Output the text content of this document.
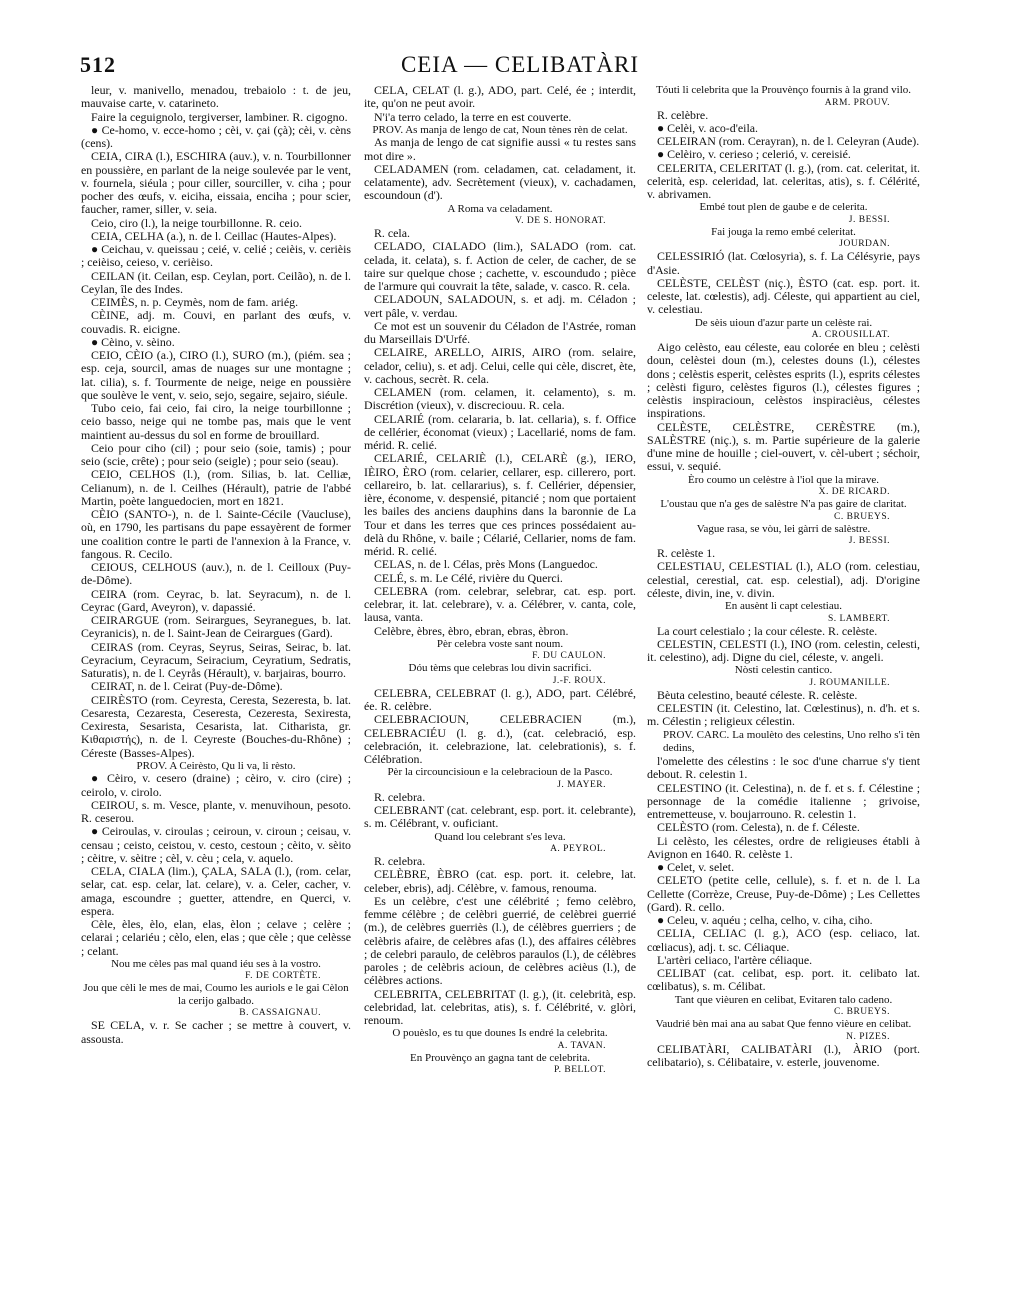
512	CEIA — CELIBATÀRI

leur, v. manivello, menadou, trebaiolo : t. de jeu, mauvaise carte, v. catarineto.

Faire la ceguignolo, tergiverser, lambiner. R. cigogno.

● Ce-homo, v. ecce-homo ; cèi, v. çai (çà); cèi, v. cèns (cens).

CEIA, CIRA (l.), ESCHIRA (auv.), v. n. Tourbillonner en poussière, en parlant de la neige soulevée par le vent, v. fournela, siéula ; pour ciller, sourciller, v. ciha ; pour pocher des œufs, v. eiciha, eissaia, enciha ; pour scier, faucher, ramer, siller, v. seia.

Ceio, ciro (l.), la neige tourbillonne. R. ceio.

CEIA, CELHA (a.), n. de l. Ceillac (Hautes-Alpes).

● Ceichau, v. queissau ; ceié, v. celié ; ceièis, v. cerièis ; ceièiso, ceieso, v. cerièiso.

CEILAN (it. Ceilan, esp. Ceylan, port. Ceilão), n. de l. Ceylan, île des Indes.

CEIMÈS, n. p. Ceymès, nom de fam. ariég.

CÈINE, adj. m. Couvi, en parlant des œufs, v. couvadis. R. eicigne.

● Cèino, v. sèino.

CEIO, CÈIO (a.), CIRO (l.), SURO (m.), (piém. sea ; esp. ceja, sourcil, amas de nuages sur une montagne ; lat. cilia), s. f. Tourmente de neige, neige en poussière que soulève le vent, v. seio, sejo, segaire, sejairo, siéule.

Tubo ceio, fai ceio, fai ciro, la neige tourbillonne ; ceio basso, neige qui ne tombe pas, mais que le vent maintient au-dessus du sol en forme de brouillard.

Ceio pour ciho (cil) ; pour seio (soie, tamis) ; pour seio (scie, crête) ; pour seio (seigle) ; pour seio (seau).

CEIO, CELHOS (l.), (rom. Silias, b. lat. Celliæ, Celianum), n. de l. Ceilhes (Hérault), patrie de l'abbé Martin, poète languedocien, mort en 1821.

CÈIO (SANTO-), n. de l. Sainte-Cécile (Vaucluse), où, en 1790, les partisans du pape essayèrent de former une coalition contre le parti de l'annexion à la France, v. fangous. R. Cecilo.

CEIOUS, CELHOUS (auv.), n. de l. Ceilloux (Puy-de-Dôme).

CEIRA (rom. Ceyrac, b. lat. Seyracum), n. de l. Ceyrac (Gard, Aveyron), v. dapassié.

CEIRARGUE (rom. Seirargues, Seyranegues, b. lat. Ceyranicis), n. de l. Saint-Jean de Ceirargues (Gard).

CEIRAS (rom. Ceyras, Seyrus, Seiras, Seirac, b. lat. Ceyracium, Ceyracum, Seiracium, Ceyratium, Sedratis, Saturatis), n. de l. Ceyrås (Hérault), v. barjairas, bourro.

CEIRAT, n. de l. Ceirat (Puy-de-Dôme).

CEIRÈSTO (rom. Ceyresta, Ceresta, Sezeresta, b. lat. Cesaresta, Cezaresta, Ceseresta, Cezeresta, Sexiresta, Cexiresta, Sesarista, Cesarista, lat. Citharista, gr. Κιθαριστής), n. de l. Ceyreste (Bouches-du-Rhône) ; Céreste (Basses-Alpes).

PROV. A Ceirèsto, Qu li va, li rèsto.

● Cèiro, v. cesero (draine) ; cèiro, v. ciro (cire) ; ceirolo, v. cirolo.

CEIROU, s. m. Vesce, plante, v. menuvihoun, pesoto. R. ceserou.

● Ceiroulas, v. ciroulas ; ceiroun, v. ciroun ; ceisau, v. censau ; ceisto, ceistou, v. cesto, cestoun ; cèito, v. sèito ; cèitre, v. sèitre ; cèl, v. cèu ; cela, v. aquelo.

CELA, CIALA (lim.), ÇALA, SALA (l.), (rom. celar, selar, cat. esp. celar, lat. celare), v. a. Celer, cacher, v. amaga, escoundre ; guetter, attendre, en Querci, v. espera.

Cèle, èles, èlo, elan, elas, èlon ; celave ; celère ; celarai ; celariéu ; cèlo, elen, elas ; que cèle ; que celèsse ; celant.

Nou me cèles pas mal quand iéu ses à la vostro.

F. DE CORTÈTE.

Jou que cèli le mes de mai, Coumo les auriols e le gai Cèlon la cerijo galbado.

B. CASSAIGNAU.

SE CELA, v. r. Se cacher ; se mettre à couvert, v. assousta.

CELA, CELAT (l. g.), ADO, part. Celé, ée ; interdit, ite, qu'on ne peut avoir.

N'i'a terro celado, la terre en est couverte.

PROV. As manja de lengo de cat, Noun tènes rèn de celat.

As manja de lengo de cat signifie aussi « tu restes sans mot dire ».

CELADAMEN (rom. celadamen, cat. celadament, it. celatamente), adv. Secrètement (vieux), v. cachadamen, escoundoun (d').

A Roma va celadament.

V. DE S. HONORAT.

R. cela.

CELADO, CIALADO (lim.), SALADO (rom. cat. celada, it. celata), s. f. Action de celer, de cacher, de se taire sur quelque chose ; cachette, v. escoundudo ; pièce de l'armure qui couvrait la tête, salade, v. casco. R. cela.

CELADOUN, SALADOUN, s. et adj. m. Céladon ; vert pâle, v. verdau.

Ce mot est un souvenir du Céladon de l'Astrée, roman du Marseillais D'Urfé.

CELAIRE, ARELLO, AIRIS, AIRO (rom. selaire, celador, celiu), s. et adj. Celui, celle qui cèle, discret, ète, v. cachous, secrèt. R. cela.

CELAMEN (rom. celamen, it. celamento), s. m. Discrétion (vieux), v. discreciouu. R. cela.

CELARIÉ (rom. celararia, b. lat. cellaria), s. f. Office de cellérier, économat (vieux) ; Lacellarié, noms de fam. mérid. R. celié.

CELARIÉ, CELARIÈ (l.), CELARÈ (g.), IERO, IÈIRO, ÈRO (rom. celarier, cellarer, esp. cillerero, port. cellareiro, b. lat. cellararius), s. f. Cellérier, dépensier, ière, économe, v. despensié, pitancié ; nom que portaient les bailes des anciens dauphins dans la baronnie de La Tour et dans les terres que ces princes possédaient au-delà du Rhône, v. baile ; Célarié, Cellarier, noms de fam. mérid. R. celié.

CELAS, n. de l. Célas, près Mons (Languedoc.

CELÉ, s. m. Le Célé, rivière du Querci.

CELEBRA (rom. celebrar, selebrar, cat. esp. port. celebrar, it. lat. celebrare), v. a. Célébrer, v. canta, cole, lausa, vanta.

Celèbre, èbres, èbro, ebran, ebras, èbron.

Pèr celebra voste sant noum.

F. DU CAULON.

Dóu tèms que celebras lou divin sacrifici.

J.-F. ROUX.

CELEBRA, CELEBRAT (l. g.), ADO, part. Célébré, ée. R. celèbre.

CELEBRACIOUN, CELEBRACIEN (m.), CELEBRACIÉU (l. g. d.), (cat. celebració, esp. celebración, it. celebrazione, lat. celebrationis), s. f. Célébration.

Pèr la circouncisioun e la celebracioun de la Pasco.

J. MAYER.

R. celebra.

CELEBRANT (cat. celebrant, esp. port. it. celebrante), s. m. Célébrant, v. ouficiant.

Quand lou celebrant s'es leva.

A. PEYROL.

R. celebra.

CELÈBRE, ÈBRO (cat. esp. port. it. celebre, lat. celeber, ebris), adj. Célèbre, v. famous, renouma.

Es un celèbre, c'est une célébrité ; femo celèbro, femme célèbre ; de celèbri guerrié, de celèbrei guerrié (m.), de celèbres guerriès (l.), de célèbres guerriers ; de celèbris afaire, de celèbres afas (l.), des affaires célèbres ; de celebri paraulo, de celèbros paraulos (l.), de célèbres paroles ; de celèbris acioun, de celèbres acièus (l.), de célèbres actions.

CELEBRITA, CELEBRITAT (l. g.), (it. celebrità, esp. celebridad, lat. celebritas, atis), s. f. Célébrité, v. glòri, renoum.

O pouèslo, es tu que dounes Is endré la celebrita.

A. TAVAN.

En Prouvènço an gagna tant de celebrita.

P. BELLOT.

Tóuti li celebrita que la Prouvènço fournis à la grand vilo.

ARM. PROUV.

R. celèbre.

● Celèi, v. aco-d'eila.

CELEIRAN (rom. Cerayran), n. de l. Celeyran (Aude).

● Celèiro, v. cerieso ; celerió, v. cereisié.

CELERITA, CELERITAT (l. g.), (rom. cat. celeritat, it. celerità, esp. celeridad, lat. celeritas, atis), s. f. Célérité, v. abrivamen.

Embé tout plen de gaube e de celerita.

J. BESSI.

Fai jouga la remo embé celeritat.

JOURDAN.

CELESSIRIÓ (lat. Cœlosyria), s. f. La Célésyrie, pays d'Asie.

CELÈSTE, CELÈST (niç.), ÈSTO (cat. esp. port. it. celeste, lat. cœlestis), adj. Céleste, qui appartient au ciel, v. celestiau.

De sèis uioun d'azur parte un celèste rai.

A. CROUSILLAT.

Aigo celèsto, eau céleste, eau colorée en bleu ; celèsti doun, celèstei doun (m.), celestes douns (l.), célestes dons ; celèstis esperit, celèstes esprits (l.), esprits célestes ; celèsti figuro, celèstes figuros (l.), célestes figures ; celèstis inspiracioun, celèstos inspiracièus, célestes inspirations.

CELÈSTE, CELÈSTRE, CERÈSTRE (m.), SALÈSTRE (niç.), s. m. Partie supérieure de la galerie d'une mine de houille ; ciel-ouvert, v. cèl-ubert ; séchoir, essui, v. sequié.

Èro coumo un celèstre à l'iol que la mirave.

X. DE RICARD.

L'oustau que n'a ges de salèstre N'a pas gaire de claritat.

C. BRUEYS.

Vague rasa, se vòu, lei gàrri de salèstre.

J. BESSI.

R. celèste 1.

CELESTIAU, CELESTIAL (l.), ALO (rom. celestiau, celestial, cerestial, cat. esp. celestial), adj. D'origine céleste, divin, ine, v. divin.

En ausènt li capt celestiau.

S. LAMBERT.

La court celestialo ; la cour céleste. R. celèste.

CELESTIN, CELESTI (l.), INO (rom. celestin, celesti, it. celestino), adj. Digne du ciel, céleste, v. angeli.

Nòsti celestin cantico.

J. ROUMANILLE.

Bèuta celestino, beauté céleste. R. celèste.

CELESTIN (it. Celestino, lat. Cœlestinus), n. d'h. et s. m. Célestin ; religieux célestin.

PROV. CARC. La moulèto des celestins, Uno relho s'i tèn dedins,

l'omelette des célestins : le soc d'une charrue s'y tient debout. R. celestin 1.

CELESTINO (it. Celestina), n. de f. et s. f. Célestine ; personnage de la comédie italienne ; grivoise, entremetteuse, v. boujarrouno. R. celestin 1.

CELÈSTO (rom. Celesta), n. de f. Céleste.

Li celèsto, les célestes, ordre de religieuses établi à Avignon en 1640. R. celèste 1.

● Celet, v. selet.

CELETO (petite celle, cellule), s. f. et n. de l. La Cellette (Corrèze, Creuse, Puy-de-Dôme) ; Les Cellettes (Gard). R. cello.

● Celeu, v. aquéu ; celha, celho, v. ciha, ciho.

CELIA, CELIAC (l. g.), ACO (esp. celiaco, lat. cœliacus), adj. t. sc. Céliaque.

L'artèri celiaco, l'artère céliaque.

CELIBAT (cat. celibat, esp. port. it. celibato lat. cœlibatus), s. m. Célibat.

Tant que vièuren en celibat, Evitaren talo cadeno.

C. BRUEYS.

Vaudrié bèn mai ana au sabat Que fenno vièure en celibat.

N. PIZES.

CELIBATÀRI, CALIBATÀRI (l.), ÀRIO (port. celibatario), s. Célibataire, v. esterle, jouvenome.
